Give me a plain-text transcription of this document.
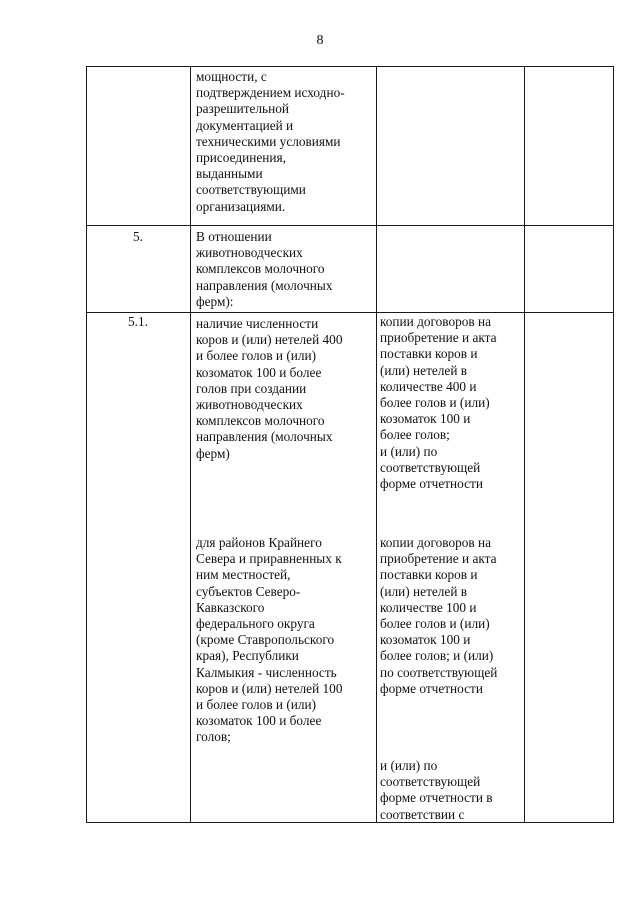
8
мощности, с
подтверждением исходно-
разрешительной
документацией и
техническими условиями
присоединения,
выданными
соответствующими
организациями.
5.	В отношении
животноводческих
комплексов молочного
направления (молочных
ферм):
5.1.	наличие численности
коров и (или) нетелей 400
и более голов и (или)
козоматок 100 и более
голов при создании
животноводческих
комплексов молочного
направления (молочных
ферм)
копии договоров на
приобретение и акта
поставки коров и
(или) нетелей в
количестве 400 и
более голов и (или)
козоматок 100 и
более голов;
и (или) по
соответствующей
форме отчетности
для районов Крайнего
Севера и приравненных к
ним местностей,
субъектов Северо-
Кавказского
федерального округа
(кроме Ставропольского
края), Республики
Калмыкия - численность
коров и (или) нетелей 100
и более голов и (или)
козоматок 100 и более
голов;
копии договоров на
приобретение и акта
поставки коров и
(или) нетелей в
количестве 100 и
более голов и (или)
козоматок 100 и
более голов; и (или)
по соответствующей
форме отчетности
и (или) по
соответствующей
форме отчетности в
соответствии с
